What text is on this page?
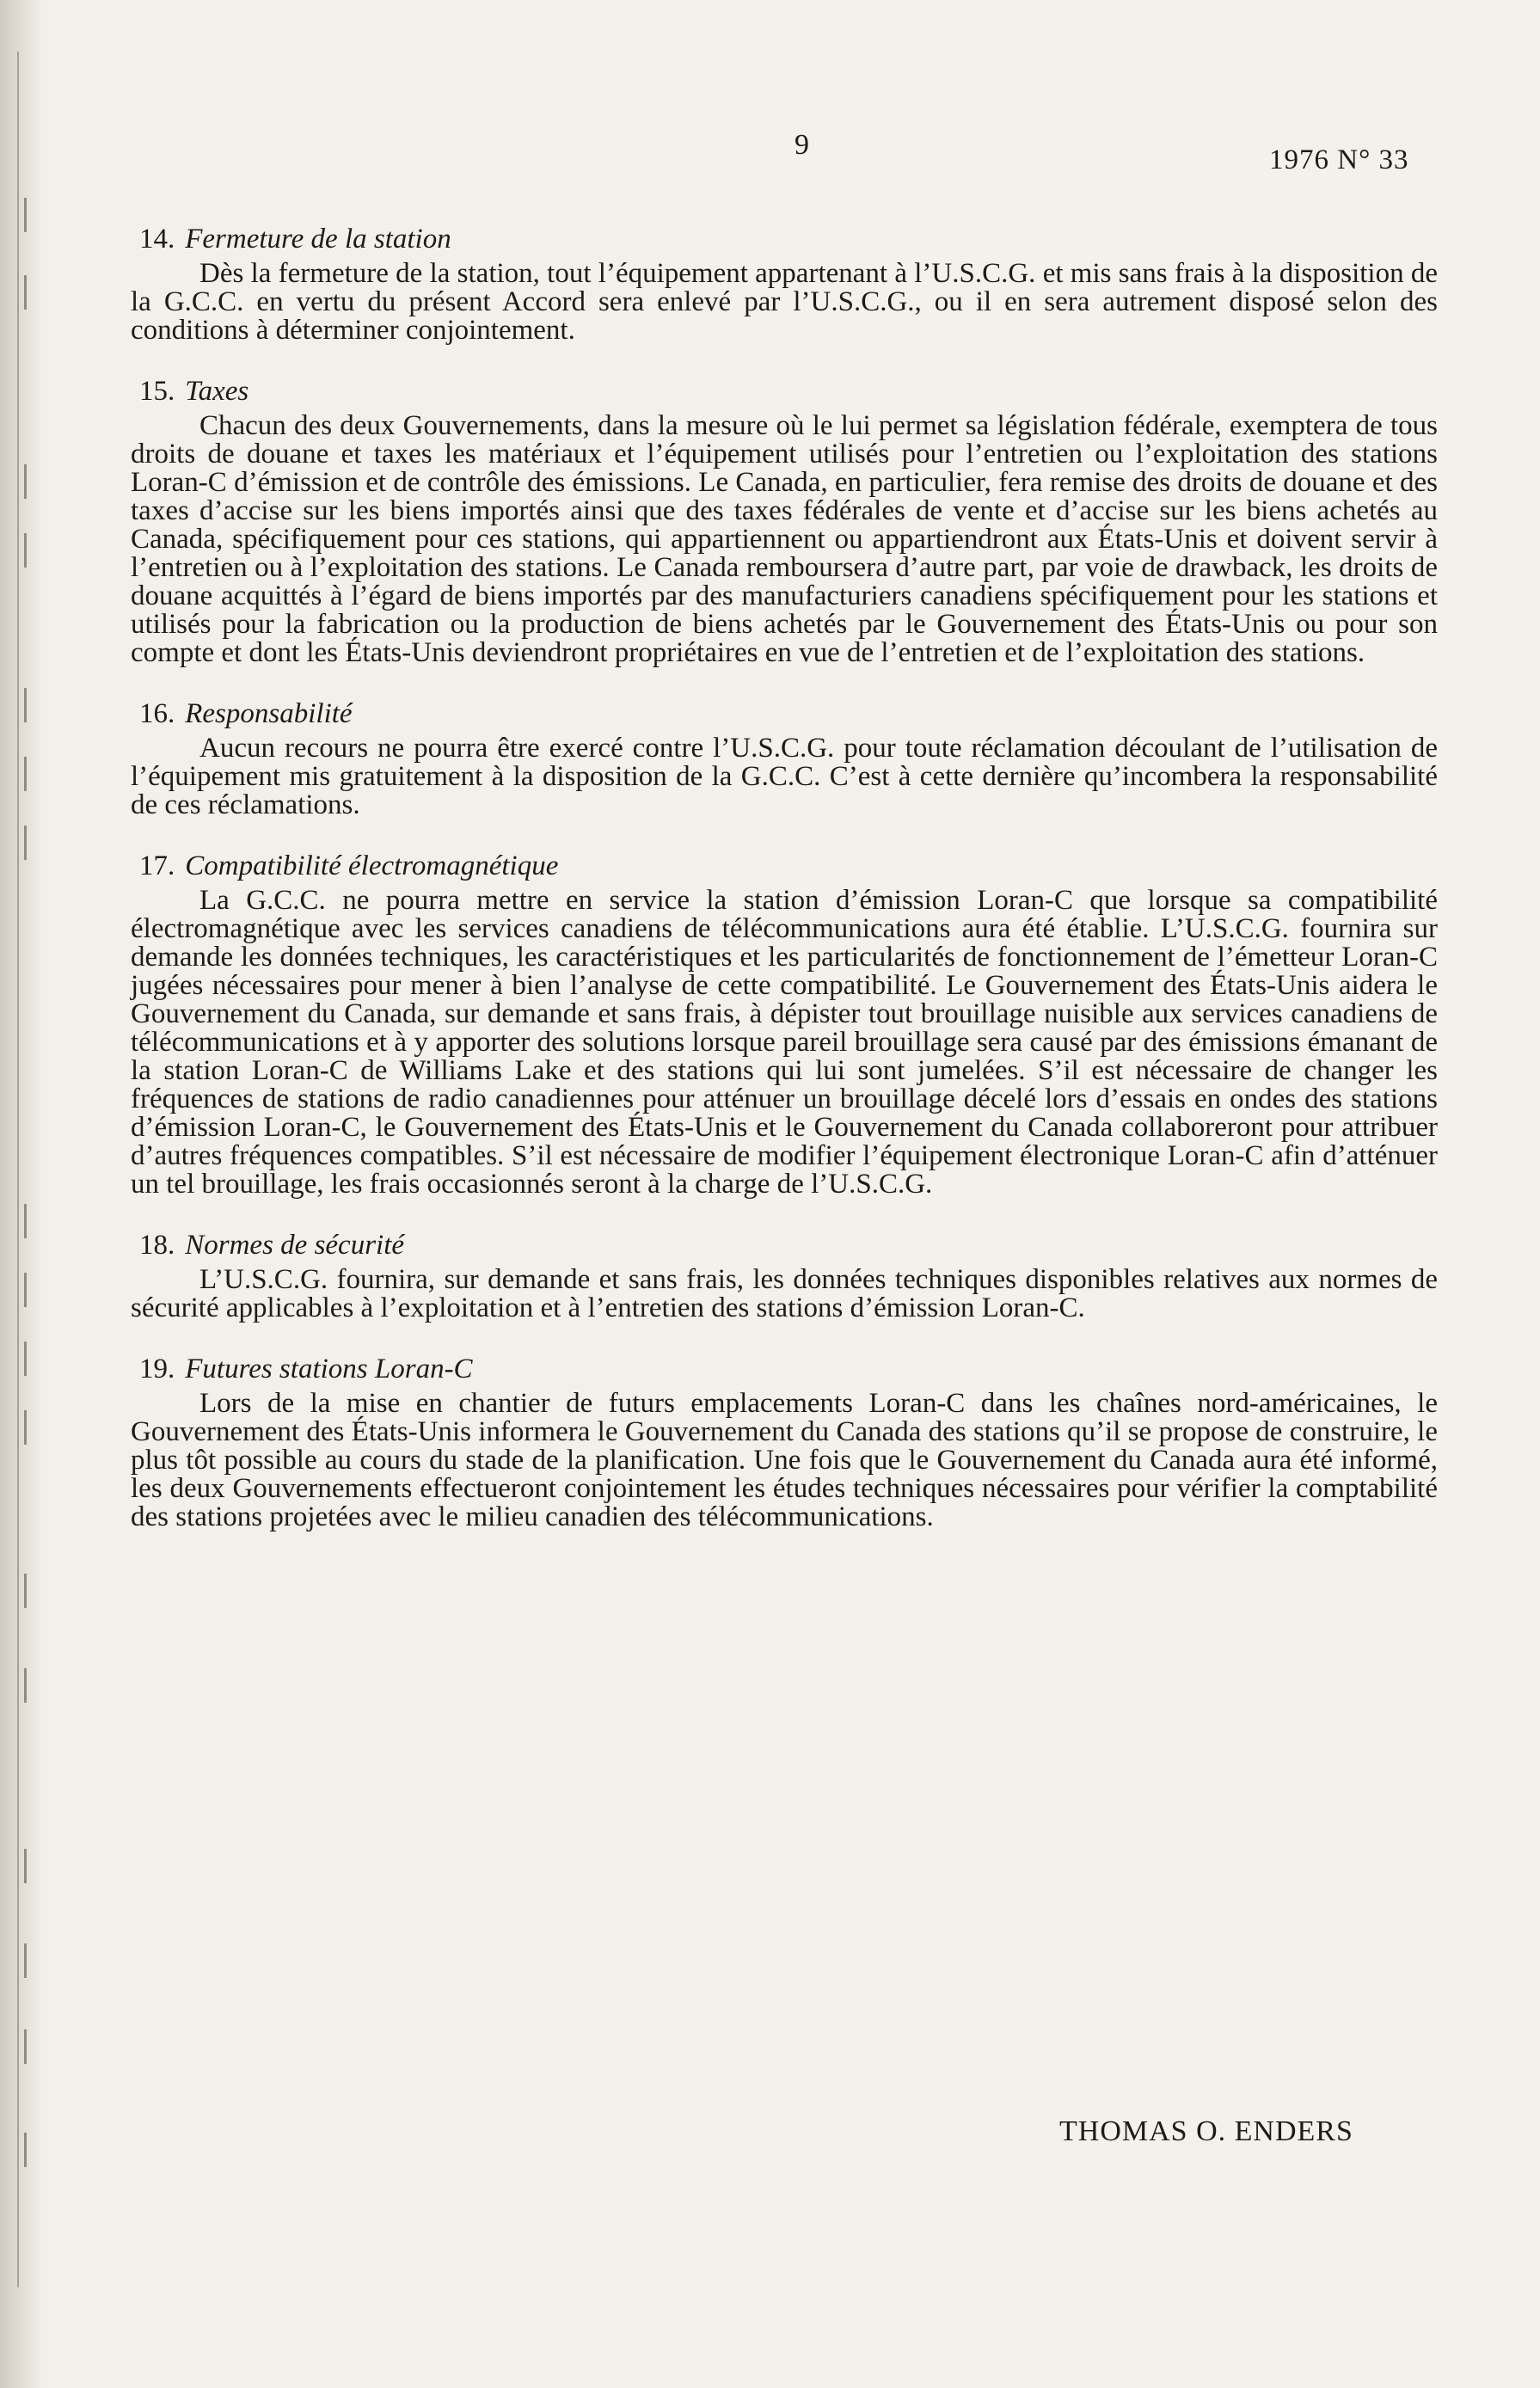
9	1976 N° 33
14. Fermeture de la station

Dès la fermeture de la station, tout l’équipement appartenant à l’U.S.C.G. et mis sans frais à la disposition de la G.C.C. en vertu du présent Accord sera enlevé par l’U.S.C.G., ou il en sera autrement disposé selon des conditions à déterminer conjointement.

15. Taxes

Chacun des deux Gouvernements, dans la mesure où le lui permet sa législation fédérale, exemptera de tous droits de douane et taxes les matériaux et l’équipement utilisés pour l’entretien ou l’exploitation des stations Loran-C d’émission et de contrôle des émissions. Le Canada, en particulier, fera remise des droits de douane et des taxes d’accise sur les biens importés ainsi que des taxes fédérales de vente et d’accise sur les biens achetés au Canada, spécifiquement pour ces stations, qui appartiennent ou appartiendront aux États-Unis et doivent servir à l’entretien ou à l’exploitation des stations. Le Canada remboursera d’autre part, par voie de drawback, les droits de douane acquittés à l’égard de biens importés par des manufacturiers canadiens spécifiquement pour les stations et utilisés pour la fabrication ou la production de biens achetés par le Gouvernement des États-Unis ou pour son compte et dont les États-Unis deviendront propriétaires en vue de l’entretien et de l’exploitation des stations.

16. Responsabilité

Aucun recours ne pourra être exercé contre l’U.S.C.G. pour toute réclamation découlant de l’utilisation de l’équipement mis gratuitement à la disposition de la G.C.C. C’est à cette dernière qu’incombera la responsabilité de ces réclamations.

17. Compatibilité électromagnétique

La G.C.C. ne pourra mettre en service la station d’émission Loran-C que lorsque sa compatibilité électromagnétique avec les services canadiens de télécommunications aura été établie. L’U.S.C.G. fournira sur demande les données techniques, les caractéristiques et les particularités de fonctionnement de l’émetteur Loran-C jugées nécessaires pour mener à bien l’analyse de cette compatibilité. Le Gouvernement des États-Unis aidera le Gouvernement du Canada, sur demande et sans frais, à dépister tout brouillage nuisible aux services canadiens de télécommunications et à y apporter des solutions lorsque pareil brouillage sera causé par des émissions émanant de la station Loran-C de Williams Lake et des stations qui lui sont jumelées. S’il est nécessaire de changer les fréquences de stations de radio canadiennes pour atténuer un brouillage décelé lors d’essais en ondes des stations d’émission Loran-C, le Gouvernement des États-Unis et le Gouvernement du Canada collaboreront pour attribuer d’autres fréquences compatibles. S’il est nécessaire de modifier l’équipement électronique Loran-C afin d’atténuer un tel brouillage, les frais occasionnés seront à la charge de l’U.S.C.G.

18. Normes de sécurité

L’U.S.C.G. fournira, sur demande et sans frais, les données techniques disponibles relatives aux normes de sécurité applicables à l’exploitation et à l’entretien des stations d’émission Loran-C.

19. Futures stations Loran-C

Lors de la mise en chantier de futurs emplacements Loran-C dans les chaînes nord-américaines, le Gouvernement des États-Unis informera le Gouvernement du Canada des stations qu’il se propose de construire, le plus tôt possible au cours du stade de la planification. Une fois que le Gouvernement du Canada aura été informé, les deux Gouvernements effectueront conjointement les études techniques nécessaires pour vérifier la comptabilité des stations projetées avec le milieu canadien des télécommunications.

THOMAS O. ENDERS
